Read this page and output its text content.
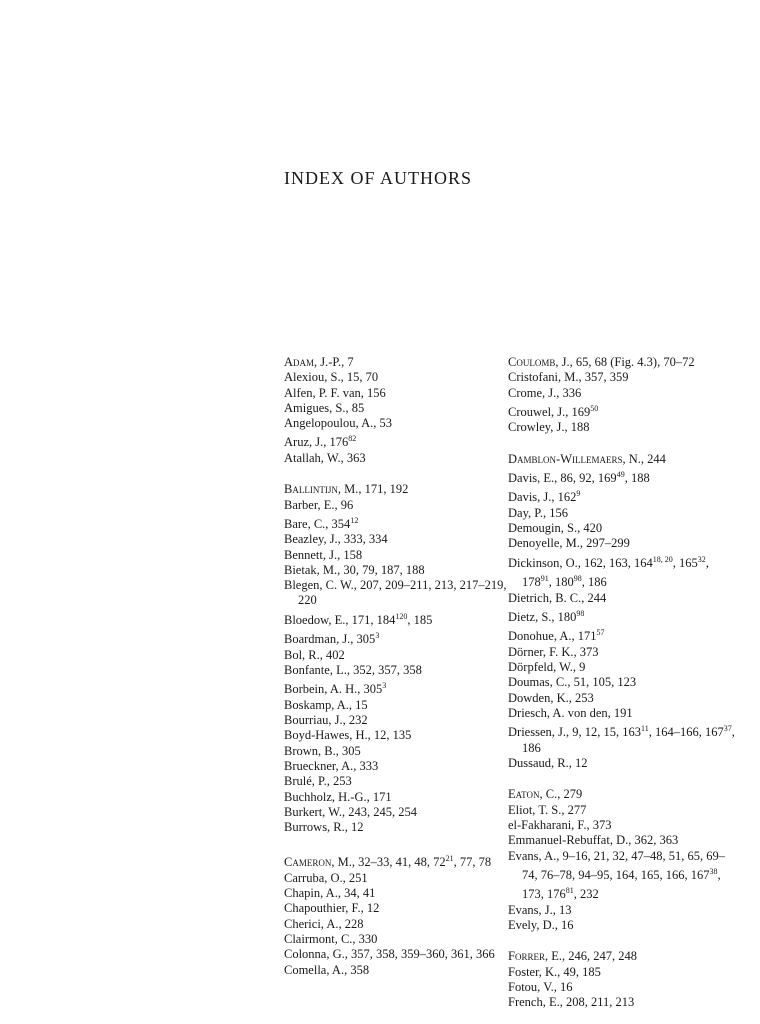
INDEX OF AUTHORS
Adam, J.-P., 7
Alexiou, S., 15, 70
Alfen, P. F. van, 156
Amigues, S., 85
Angelopoulou, A., 53
Aruz, J., $176^{82}$
Atallah, W., 363
Ballintijn, M., 171, 192
Barber, E., 96
Bare, C., $354^{12}$
Beazley, J., 333, 334
Bennett, J., 158
Bietak, M., 30, 79, 187, 188
Blegen, C. W., 207, 209–211, 213, 217–219, 220
Bloedow, E., 171, $184^{120}$, 185
Boardman, J., $305^3$
Bol, R., 402
Bonfante, L., 352, 357, 358
Borbein, A. H., $305^3$
Boskamp, A., 15
Bourriau, J., 232
Boyd-Hawes, H., 12, 135
Brown, B., 305
Brueckner, A., 333
Brulé, P., 253
Buchholz, H.-G., 171
Burkert, W., 243, 245, 254
Burrows, R., 12
Cameron, M., 32–33, 41, 48, $72^{21}$, 77, 78
Carruba, O., 251
Chapin, A., 34, 41
Chapouthier, F., 12
Cherici, A., 228
Clairmont, C., 330
Colonna, G., 357, 358, 359–360, 361, 366
Comella, A., 358
Coulomb, J., 65, 68 (Fig. 4.3), 70–72
Cristofani, M., 357, 359
Crome, J., 336
Crouwel, J., $169^{50}$
Crowley, J., 188
Damblon-Willemaers, N., 244
Davis, E., 86, 92, $169^{49}$, 188
Davis, J., $162^9$
Day, P., 156
Demougin, S., 420
Denoyelle, M., 297–299
Dickinson, O., 162, 163, 164$^{18, 20}$, $165^{32}$, $178^{91}$, $180^{98}$, 186
Dietrich, B. C., 244
Dietz, S., $180^{98}$
Donohue, A., $171^{57}$
Dörner, F. K., 373
Dörpfeld, W., 9
Doumas, C., 51, 105, 123
Dowden, K., 253
Driesch, A. von den, 191
Driessen, J., 9, 12, 15, $163^{11}$, 164–166, $167^{37}$, 186
Dussaud, R., 12
Eaton, C., 279
Eliot, T. S., 277
el-Fakharani, F., 373
Emmanuel-Rebuffat, D., 362, 363
Evans, A., 9–16, 21, 32, 47–48, 51, 65, 69–74, 76–78, 94–95, 164, 165, 166, $167^{38}$, 173, $176^{81}$, 232
Evans, J., 13
Evely, D., 16
Forrer, E., 246, 247, 248
Foster, K., 49, 185
Fotou, V., 16
French, E., 208, 211, 213
